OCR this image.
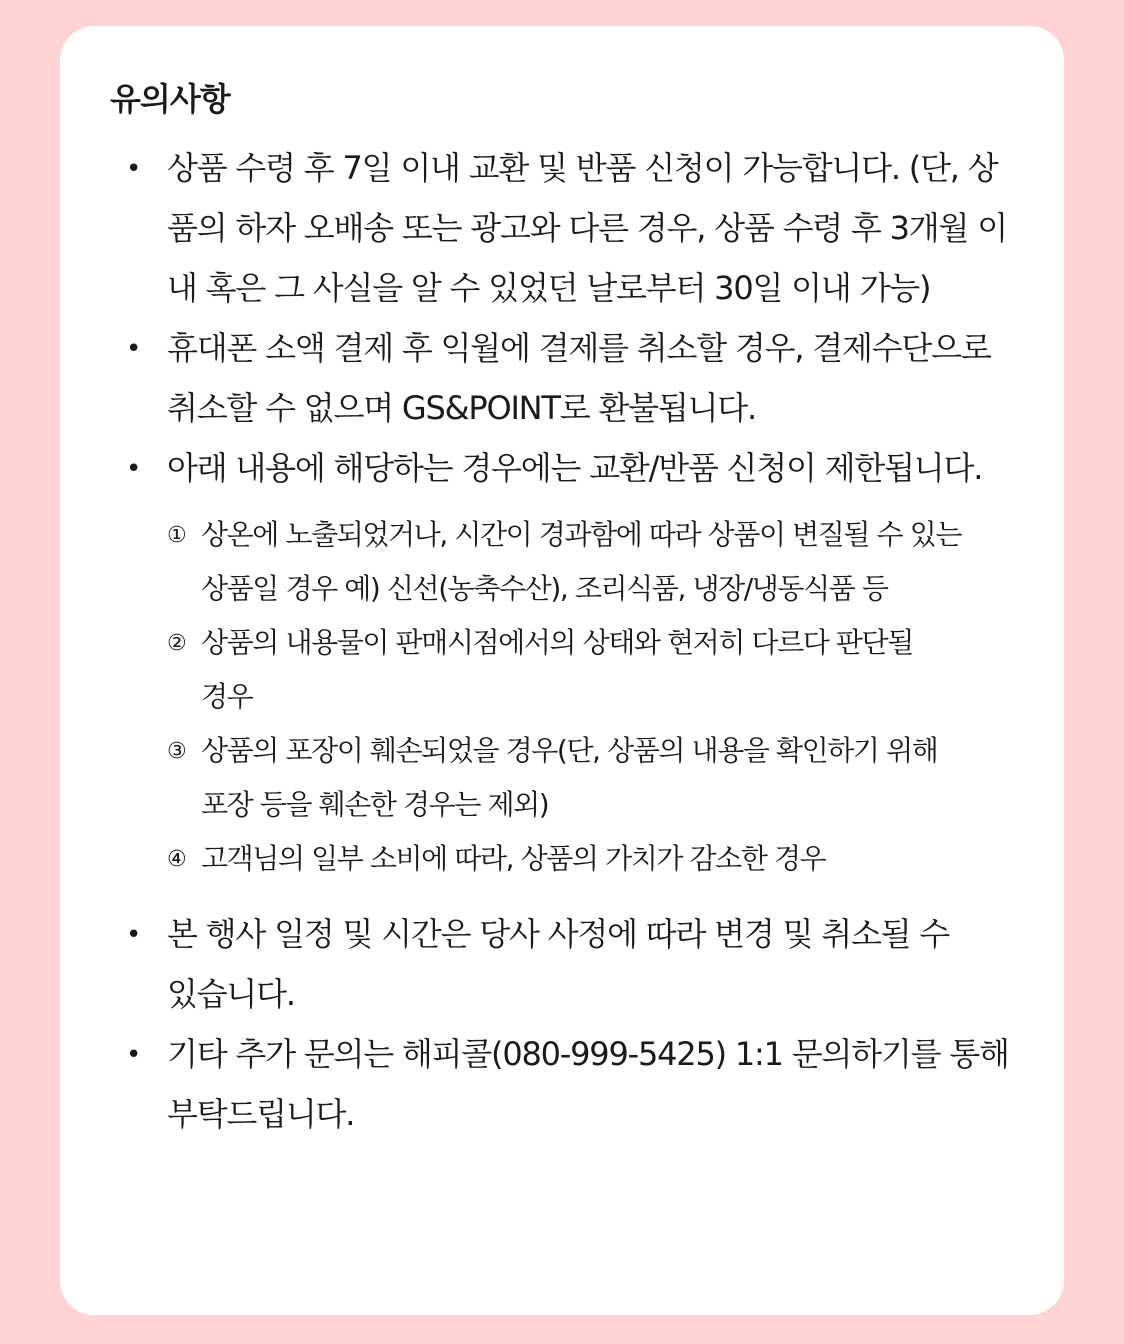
유의사항
• 상품 수령 후 7일 이내 교환 및 반품 신청이 가능합니다. (단, 상품의 하자 오배송 또는 광고와 다른 경우, 상품 수령 후 3개월 이내 혹은 그 사실을 알 수 있었던 날로부터 30일 이내 가능)
• 휴대폰 소액 결제 후 익월에 결제를 취소할 경우, 결제수단으로 취소할 수 없으며 GS&POINT로 환불됩니다.
• 아래 내용에 해당하는 경우에는 교환/반품 신청이 제한됩니다.
① 상온에 노출되었거나, 시간이 경과함에 따라 상품이 변질될 수 있는 상품일 경우 예) 신선(농축수산), 조리식품, 냉장/냉동식품 등
② 상품의 내용물이 판매시점에서의 상태와 현저히 다르다 판단될 경우
③ 상품의 포장이 훼손되었을 경우(단, 상품의 내용을 확인하기 위해 포장 등을 훼손한 경우는 제외)
④ 고객님의 일부 소비에 따라, 상품의 가치가 감소한 경우
• 본 행사 일정 및 시간은 당사 사정에 따라 변경 및 취소될 수 있습니다.
• 기타 추가 문의는 해피콜(080-999-5425) 1:1 문의하기를 통해 부탁드립니다.
